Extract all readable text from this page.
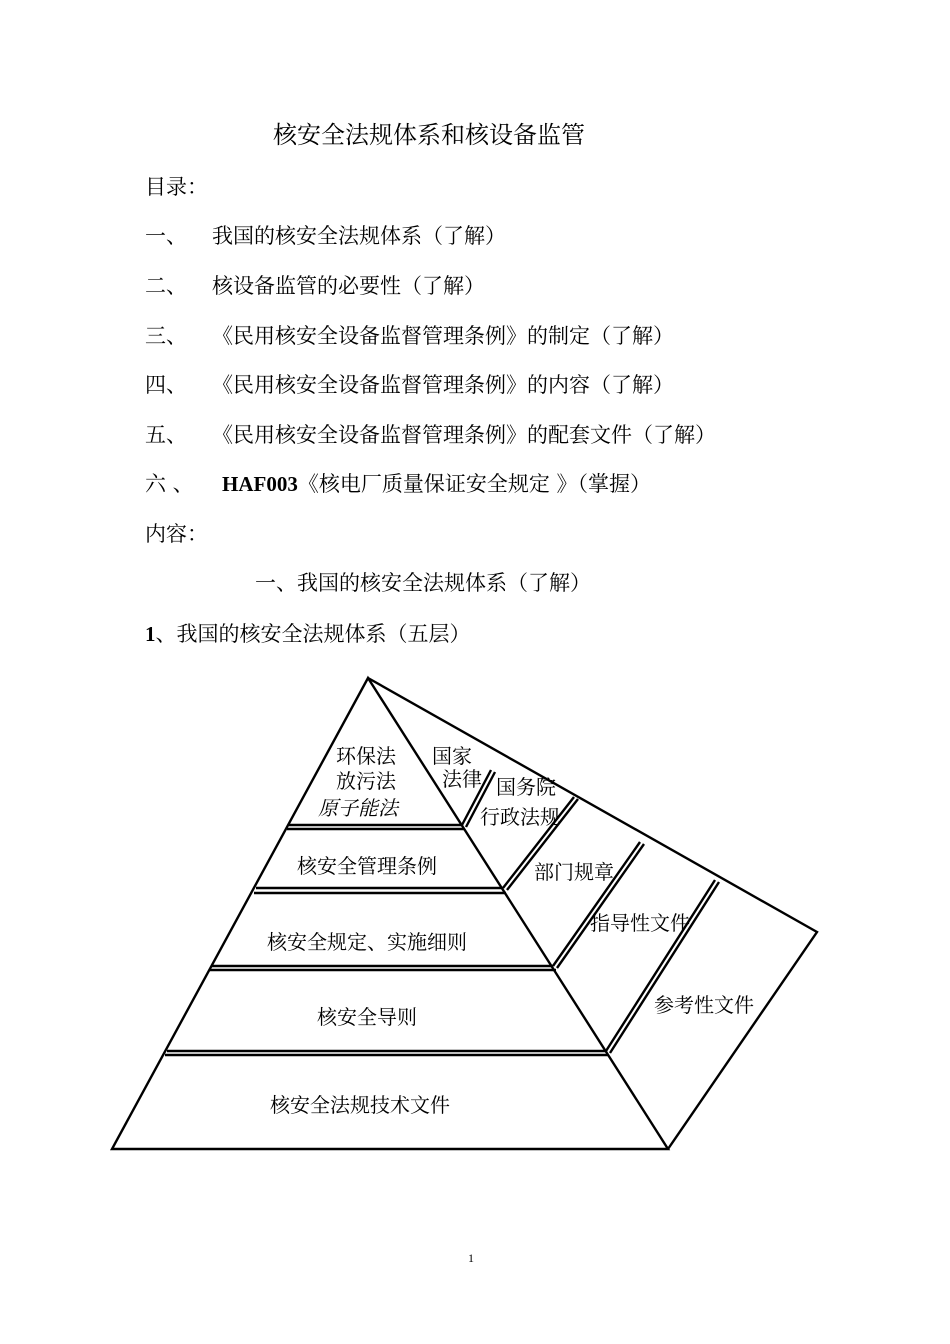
核安全法规体系和核设备监管
目录：
一、 我国的核安全法规体系（了解）
二、 核设备监管的必要性（了解）
三、 《民用核安全设备监督管理条例》的制定（了解）
四、 《民用核安全设备监督管理条例》的内容（了解）
五、 《民用核安全设备监督管理条例》的配套文件（了解）
六 、 HAF003《核电厂质量保证安全规定 》（掌握）
内容：
一、我国的核安全法规体系（了解）
1、我国的核安全法规体系（五层）
环保法
放污法
原子能法
核安全管理条例
核安全规定、实施细则
核安全导则
核安全法规技术文件
国家
法律 国务院
行政法规
部门规章
指导性文件
参考性文件
1
